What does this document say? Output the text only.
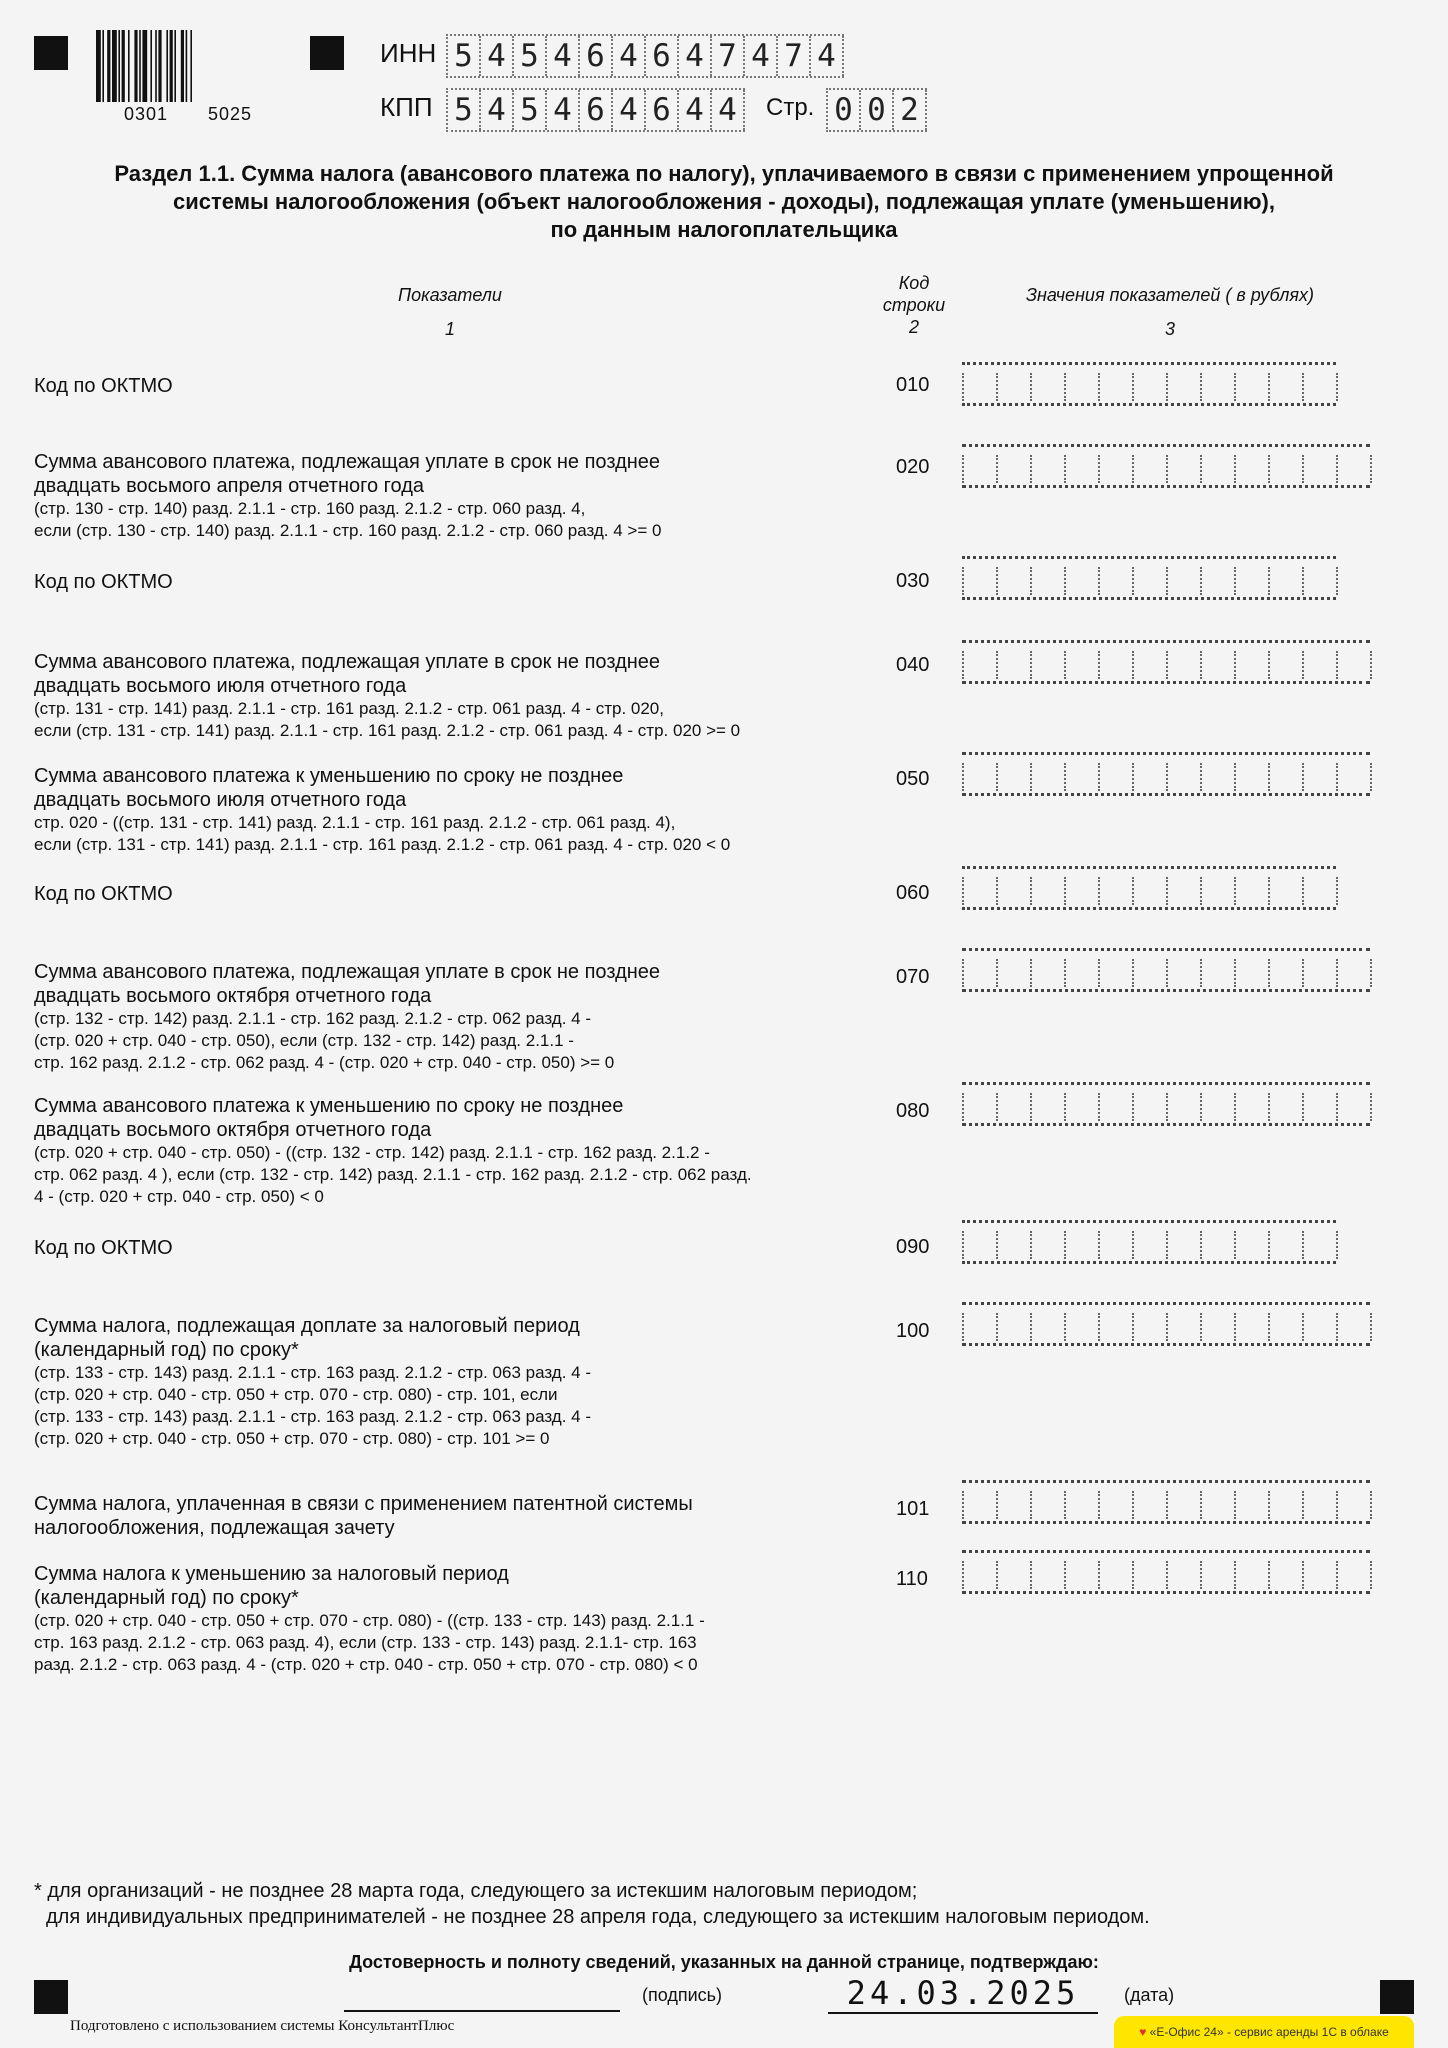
0301 5025
ИНН 5 4 5 4 6 4 6 4 7 4 7 4
КПП 5 4 5 4 6 4 6 4 4	Стр. 0 0 2
Раздел 1.1. Сумма налога (авансового платежа по налогу), уплачиваемого в связи с применением упрощенной
системы налогообложения (объект налогообложения - доходы), подлежащая уплате (уменьшению),
по данным налогоплательщика
Показатели
1
Код
строки
2
Значения показателей ( в рублях)
3
Код по ОКТМО	010
Сумма авансового платежа, подлежащая уплате в срок не позднее
двадцать восьмого апреля отчетного года
(стр. 130 - стр. 140) разд. 2.1.1 - стр. 160 разд. 2.1.2 - стр. 060 разд. 4,
если (стр. 130 - стр. 140) разд. 2.1.1 - стр. 160 разд. 2.1.2 - стр. 060 разд. 4 >= 0
020
Код по ОКТМО	030
Сумма авансового платежа, подлежащая уплате в срок не позднее
двадцать восьмого июля отчетного года
(стр. 131 - стр. 141) разд. 2.1.1 - стр. 161 разд. 2.1.2 - стр. 061 разд. 4 - стр. 020,
если (стр. 131 - стр. 141) разд. 2.1.1 - стр. 161 разд. 2.1.2 - стр. 061 разд. 4 - стр. 020 >= 0
040
Сумма авансового платежа к уменьшению по сроку не позднее
двадцать восьмого июля отчетного года
стр. 020 - ((стр. 131 - стр. 141) разд. 2.1.1 - стр. 161 разд. 2.1.2 - стр. 061 разд. 4),
если (стр. 131 - стр. 141) разд. 2.1.1 - стр. 161 разд. 2.1.2 - стр. 061 разд. 4 - стр. 020 < 0
050
Код по ОКТМО	060
Сумма авансового платежа, подлежащая уплате в срок не позднее
двадцать восьмого октября отчетного года
(стр. 132 - стр. 142) разд. 2.1.1 - стр. 162 разд. 2.1.2 - стр. 062 разд. 4 -
(стр. 020 + стр. 040 - стр. 050), если (стр. 132 - стр. 142) разд. 2.1.1 -
стр. 162 разд. 2.1.2 - стр. 062 разд. 4 - (стр. 020 + стр. 040 - стр. 050) >= 0
070
Сумма авансового платежа к уменьшению по сроку не позднее
двадцать восьмого октября отчетного года
(стр. 020 + стр. 040 - стр. 050) - ((стр. 132 - стр. 142) разд. 2.1.1 - стр. 162 разд. 2.1.2 -
стр. 062 разд. 4 ), если (стр. 132 - стр. 142) разд. 2.1.1 - стр. 162 разд. 2.1.2 - стр. 062 разд.
4 - (стр. 020 + стр. 040 - стр. 050) < 0
080
Код по ОКТМО	090
Сумма налога, подлежащая доплате за налоговый период
(календарный год) по сроку*
(стр. 133 - стр. 143) разд. 2.1.1 - стр. 163 разд. 2.1.2 - стр. 063 разд. 4 -
(стр. 020 + стр. 040 - стр. 050 + стр. 070 - стр. 080) - стр. 101, если
(стр. 133 - стр. 143) разд. 2.1.1 - стр. 163 разд. 2.1.2 - стр. 063 разд. 4 -
(стр. 020 + стр. 040 - стр. 050 + стр. 070 - стр. 080) - стр. 101 >= 0
100
Сумма налога, уплаченная в связи с применением патентной системы
налогообложения, подлежащая зачету
101
Сумма налога к уменьшению за налоговый период
(календарный год) по сроку*
(стр. 020 + стр. 040 - стр. 050 + стр. 070 - стр. 080) - ((стр. 133 - стр. 143) разд. 2.1.1 -
стр. 163 разд. 2.1.2 - стр. 063 разд. 4), если (стр. 133 - стр. 143) разд. 2.1.1- стр. 163
разд. 2.1.2 - стр. 063 разд. 4 - (стр. 020 + стр. 040 - стр. 050 + стр. 070 - стр. 080) < 0
110
* для организаций - не позднее 28 марта года, следующего за истекшим налоговым периодом;
для индивидуальных предпринимателей - не позднее 28 апреля года, следующего за истекшим налоговым периодом.
Достоверность и полноту сведений, указанных на данной странице, подтверждаю:
(подпись)	24.03.2025	(дата)
Подготовлено с использованием системы КонсультантПлюс	♥ «Е-Офис 24» - сервис аренды 1С в облаке
